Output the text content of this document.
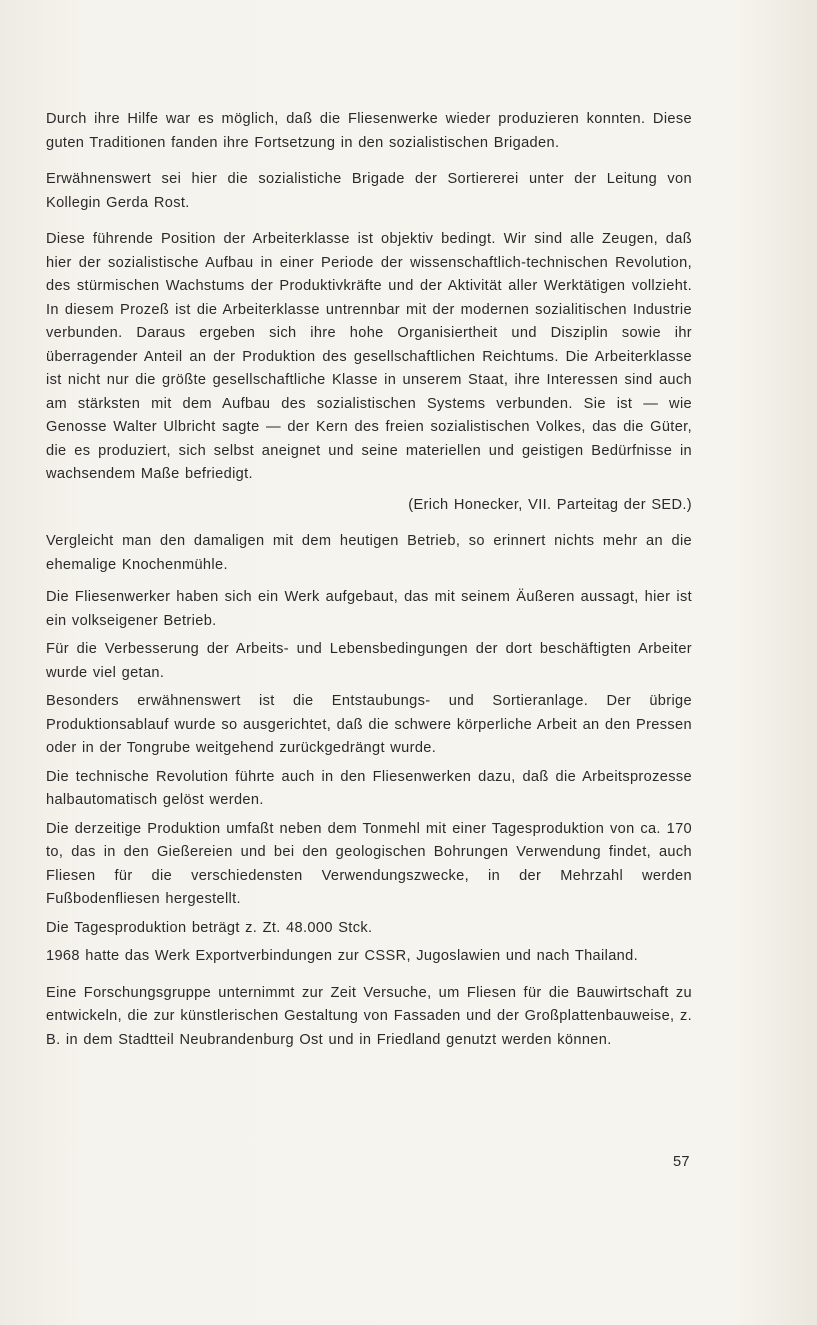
Durch ihre Hilfe war es möglich, daß die Fliesenwerke wieder produzieren konnten. Diese guten Traditionen fanden ihre Fortsetzung in den sozialistischen Brigaden.

Erwähnenswert sei hier die sozialistiche Brigade der Sortiererei unter der Leitung von Kollegin Gerda Rost.

Diese führende Position der Arbeiterklasse ist objektiv bedingt. Wir sind alle Zeugen, daß hier der sozialistische Aufbau in einer Periode der wissenschaftlich-technischen Revolution, des stürmischen Wachstums der Produktivkräfte und der Aktivität aller Werktätigen vollzieht. In diesem Prozeß ist die Arbeiterklasse untrennbar mit der modernen sozialitischen Industrie verbunden. Daraus ergeben sich ihre hohe Organisiertheit und Disziplin sowie ihr überragender Anteil an der Produktion des gesellschaftlichen Reichtums. Die Arbeiterklasse ist nicht nur die größte gesellschaftliche Klasse in unserem Staat, ihre Interessen sind auch am stärksten mit dem Aufbau des sozialistischen Systems verbunden. Sie ist — wie Genosse Walter Ulbricht sagte — der Kern des freien sozialistischen Volkes, das die Güter, die es produziert, sich selbst aneignet und seine materiellen und geistigen Bedürfnisse in wachsendem Maße befriedigt.

(Erich Honecker, VII. Parteitag der SED.)

Vergleicht man den damaligen mit dem heutigen Betrieb, so erinnert nichts mehr an die ehemalige Knochenmühle.

Die Fliesenwerker haben sich ein Werk aufgebaut, das mit seinem Äußeren aussagt, hier ist ein volkseigener Betrieb.

Für die Verbesserung der Arbeits- und Lebensbedingungen der dort beschäftigten Arbeiter wurde viel getan.

Besonders erwähnenswert ist die Entstaubungs- und Sortieranlage. Der übrige Produktionsablauf wurde so ausgerichtet, daß die schwere körperliche Arbeit an den Pressen oder in der Tongrube weitgehend zurückgedrängt wurde.

Die technische Revolution führte auch in den Fliesenwerken dazu, daß die Arbeitsprozesse halbautomatisch gelöst werden.

Die derzeitige Produktion umfaßt neben dem Tonmehl mit einer Tagesproduktion von ca. 170 to, das in den Gießereien und bei den geologischen Bohrungen Verwendung findet, auch Fliesen für die verschiedensten Verwendungszwecke, in der Mehrzahl werden Fußbodenfliesen hergestellt.

Die Tagesproduktion beträgt z. Zt. 48.000 Stck.

1968 hatte das Werk Exportverbindungen zur CSSR, Jugoslawien und nach Thailand.

Eine Forschungsgruppe unternimmt zur Zeit Versuche, um Fliesen für die Bauwirtschaft zu entwickeln, die zur künstlerischen Gestaltung von Fassaden und der Großplattenbauweise, z. B. in dem Stadtteil Neubrandenburg Ost und in Friedland genutzt werden können.

57
